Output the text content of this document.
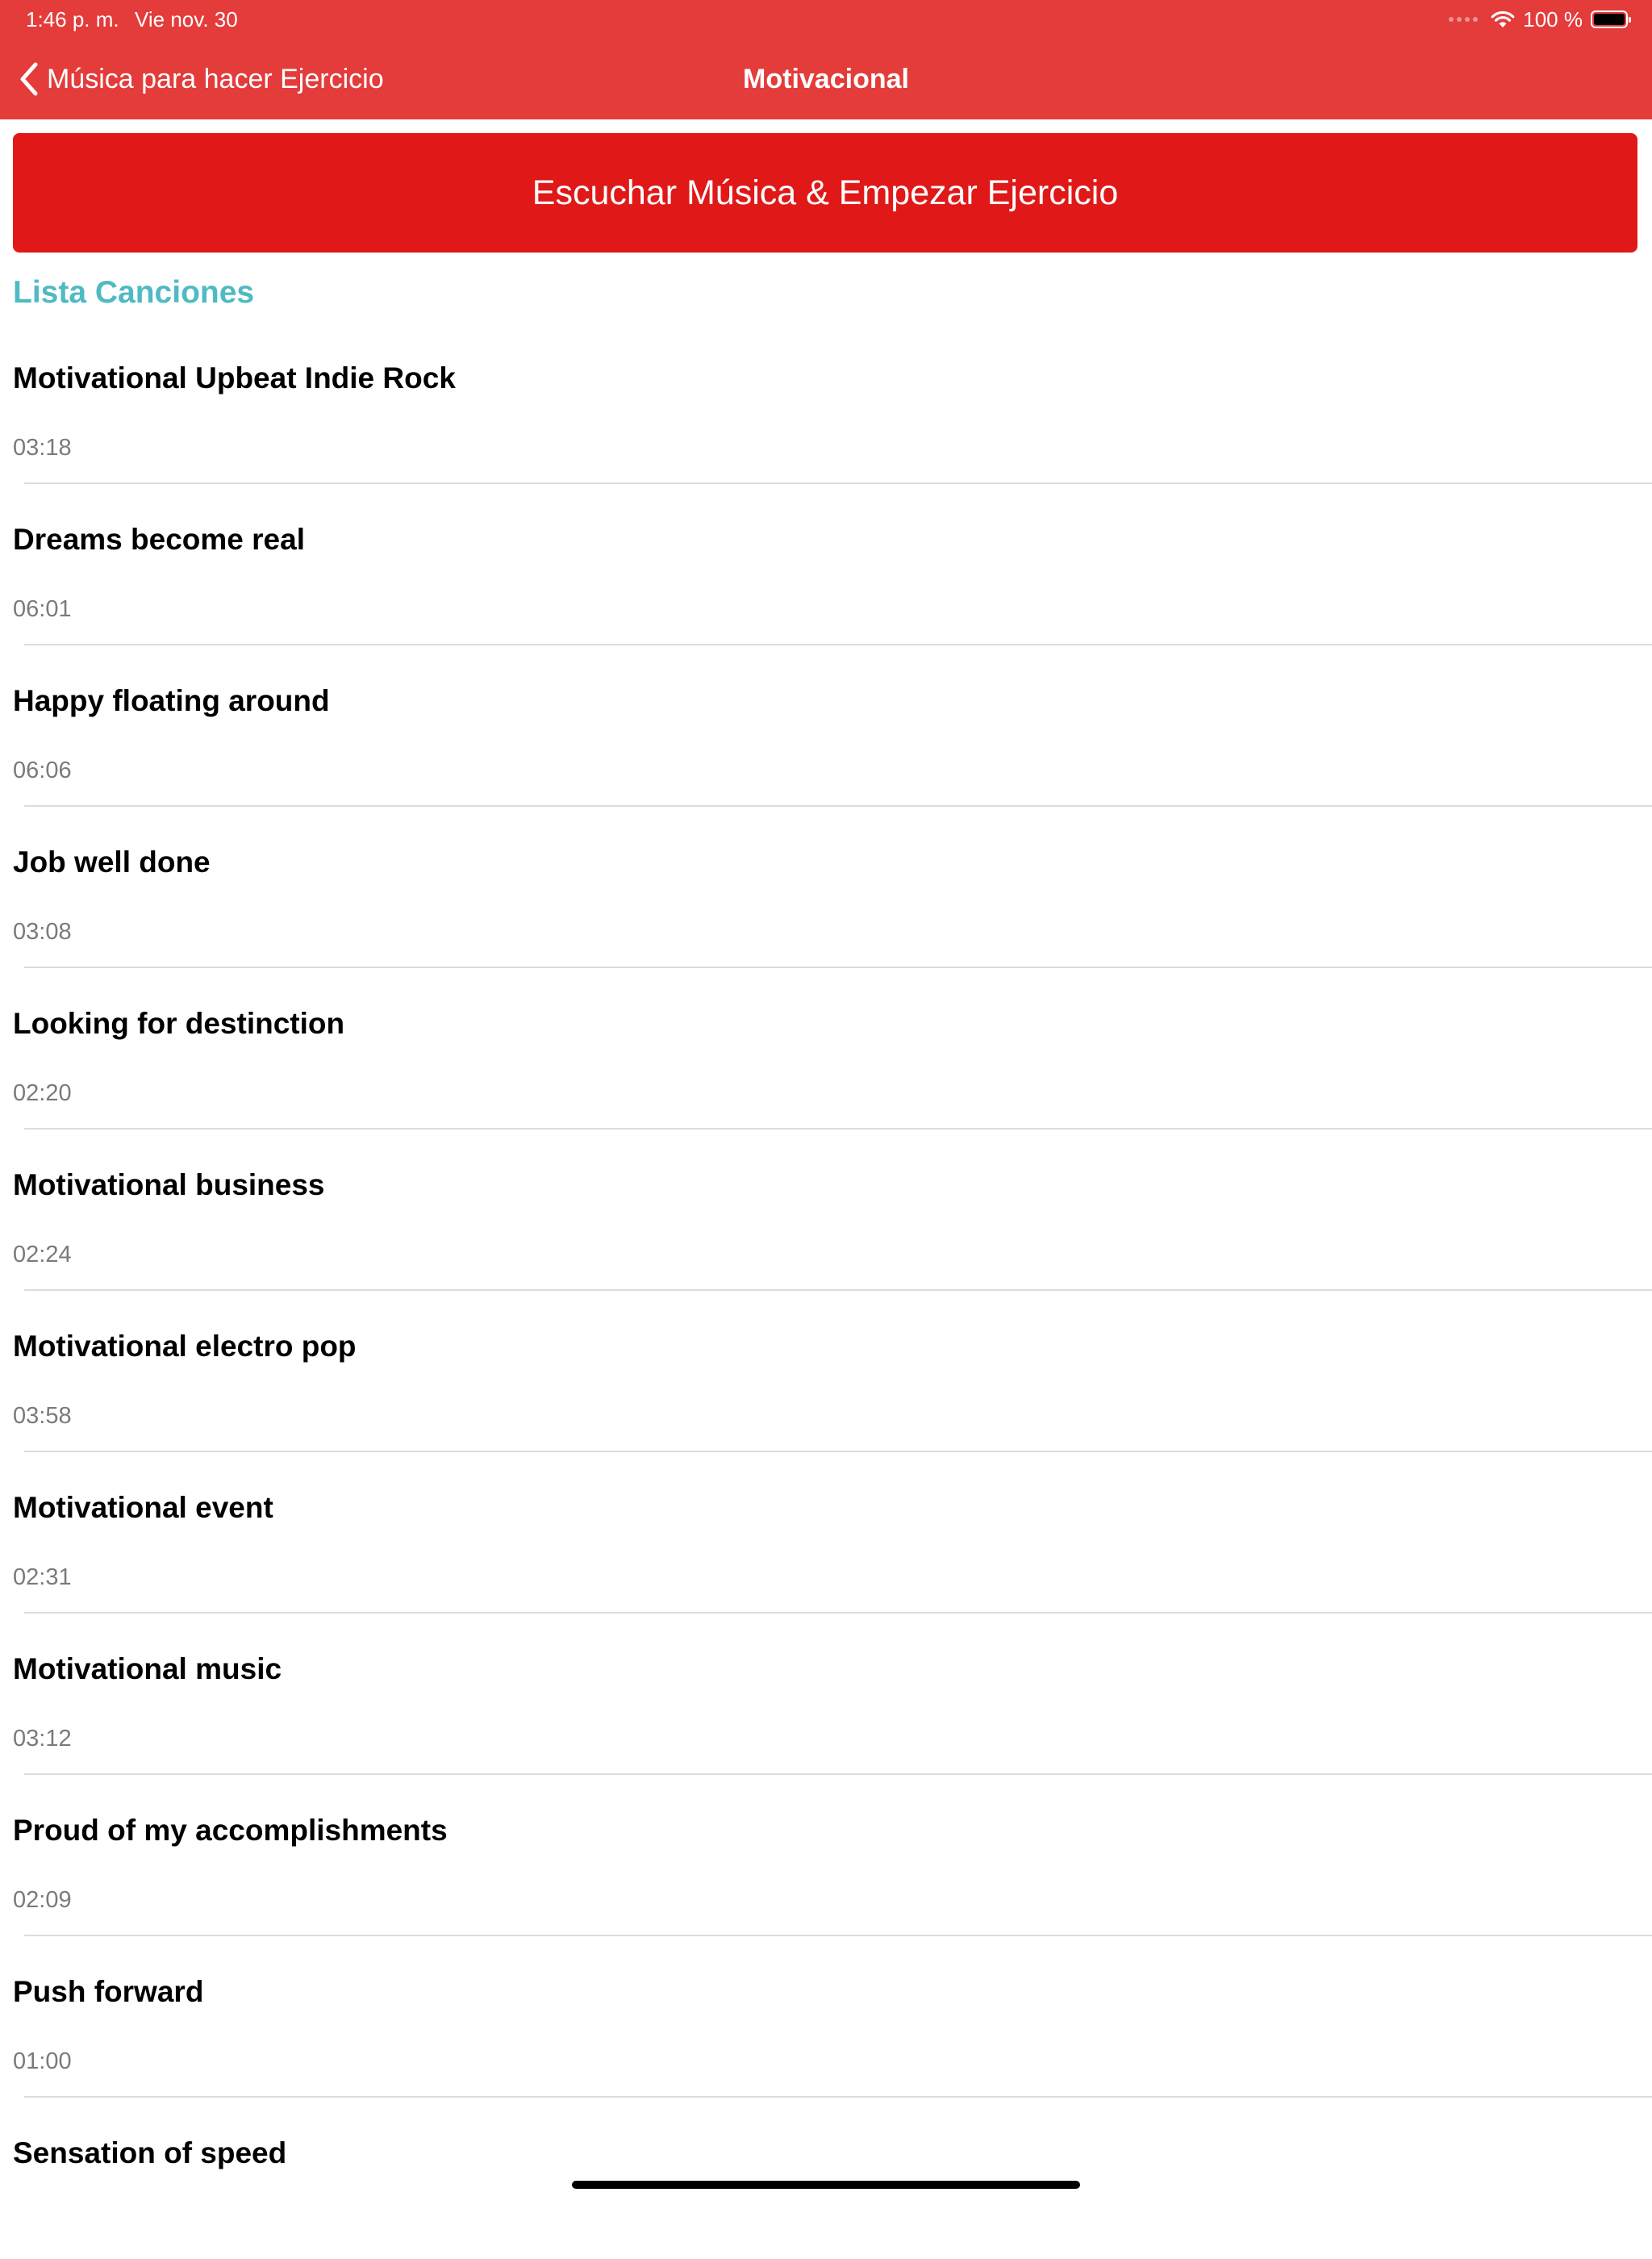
1:46 p. m. Vie nov. 30	100 %
Música para hacer Ejercicio	Motivacional
Escuchar Música & Empezar Ejercicio
Lista Canciones
Motivational Upbeat Indie Rock
03:18
Dreams become real
06:01
Happy floating around
06:06
Job well done
03:08
Looking for destinction
02:20
Motivational business
02:24
Motivational electro pop
03:58
Motivational event
02:31
Motivational music
03:12
Proud of my accomplishments
02:09
Push forward
01:00
Sensation of speed
